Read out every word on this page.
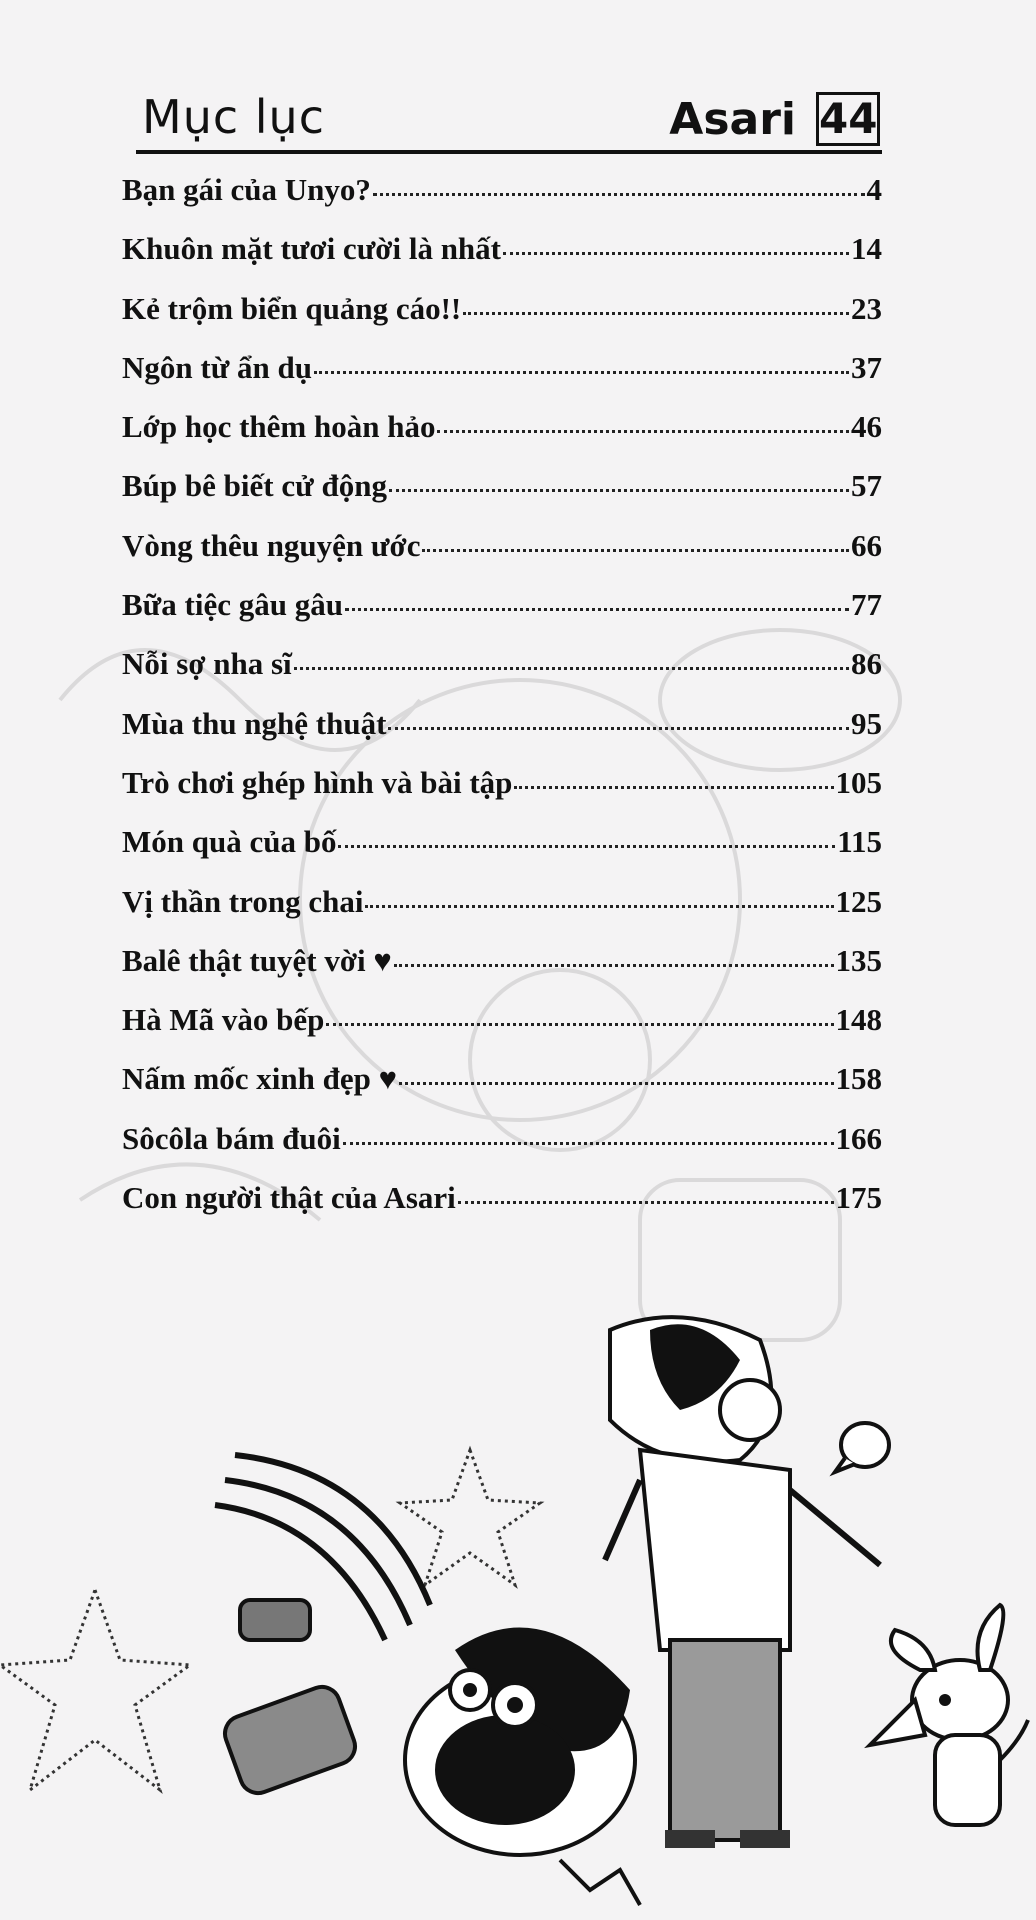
Mục lục	Asari 44
Bạn gái của Unyo?	4
Khuôn mặt tươi cười là nhất	14
Kẻ trộm biển quảng cáo!!	23
Ngôn từ ẩn dụ	37
Lớp học thêm hoàn hảo	46
Búp bê biết cử động	57
Vòng thêu nguyện ước	66
Bữa tiệc gâu gâu	77
Nỗi sợ nha sĩ	86
Mùa thu nghệ thuật	95
Trò chơi ghép hình và bài tập	105
Món quà của bố	115
Vị thần trong chai	125
Balê thật tuyệt vời ♥	135
Hà Mã vào bếp	148
Nấm mốc xinh đẹp ♥	158
Sôcôla bám đuôi	166
Con người thật của Asari	175
